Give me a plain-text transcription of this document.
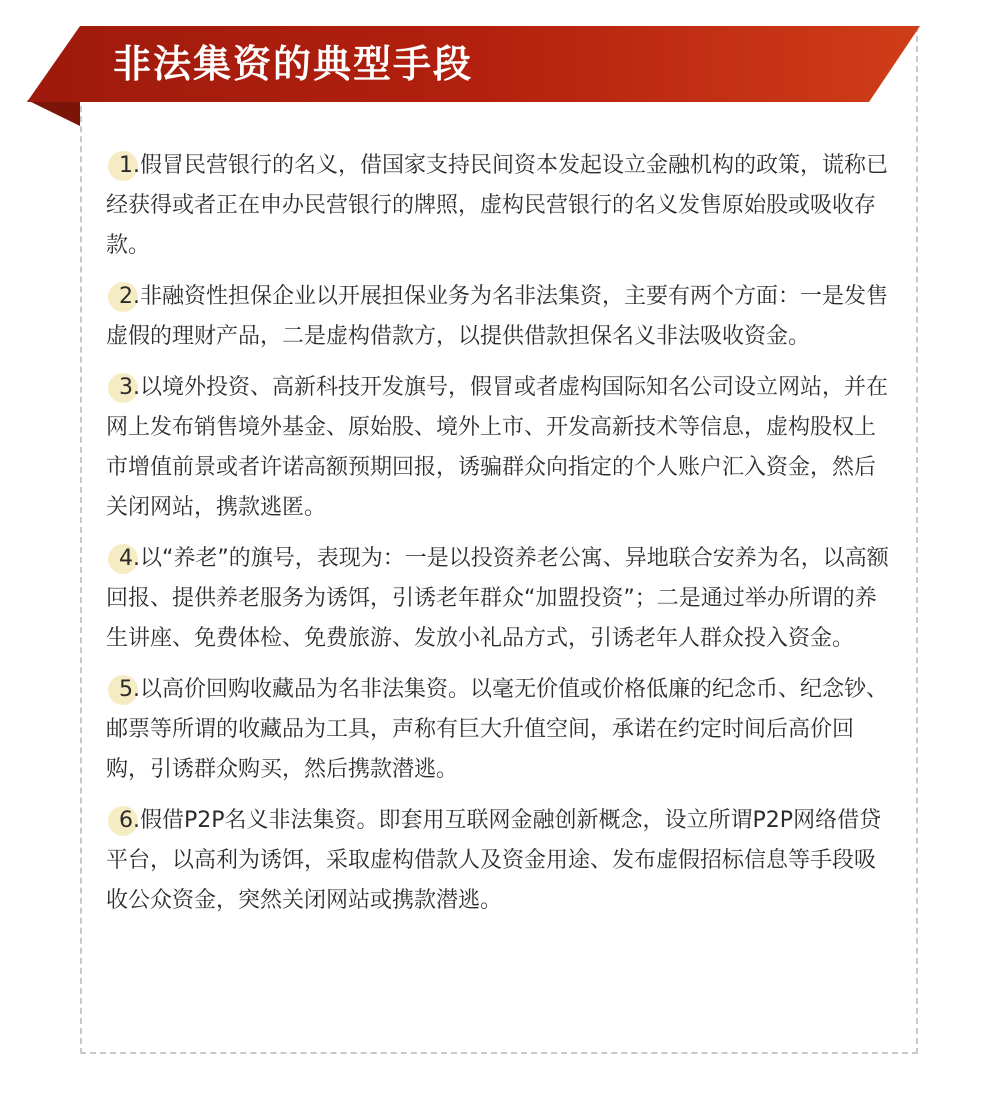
非法集资的典型手段
1.假冒民营银行的名义，借国家支持民间资本发起设立金融机构的政策，谎称已经获得或者正在申办民营银行的牌照，虚构民营银行的名义发售原始股或吸收存款。
2.非融资性担保企业以开展担保业务为名非法集资，主要有两个方面：一是发售虚假的理财产品，二是虚构借款方，以提供借款担保名义非法吸收资金。
3.以境外投资、高新科技开发旗号，假冒或者虚构国际知名公司设立网站，并在网上发布销售境外基金、原始股、境外上市、开发高新技术等信息，虚构股权上市增值前景或者许诺高额预期回报，诱骗群众向指定的个人账户汇入资金，然后关闭网站，携款逃匿。
4.以“养老”的旗号，表现为：一是以投资养老公寓、异地联合安养为名，以高额回报、提供养老服务为诱饵，引诱老年群众“加盟投资”；二是通过举办所谓的养生讲座、免费体检、免费旅游、发放小礼品方式，引诱老年人群众投入资金。
5.以高价回购收藏品为名非法集资。以毫无价值或价格低廉的纪念币、纪念钞、邮票等所谓的收藏品为工具，声称有巨大升值空间，承诺在约定时间后高价回购，引诱群众购买，然后携款潜逃。
6.假借P2P名义非法集资。即套用互联网金融创新概念，设立所谓P2P网络借贷平台，以高利为诱饵，采取虚构借款人及资金用途、发布虚假招标信息等手段吸收公众资金，突然关闭网站或携款潜逃。
